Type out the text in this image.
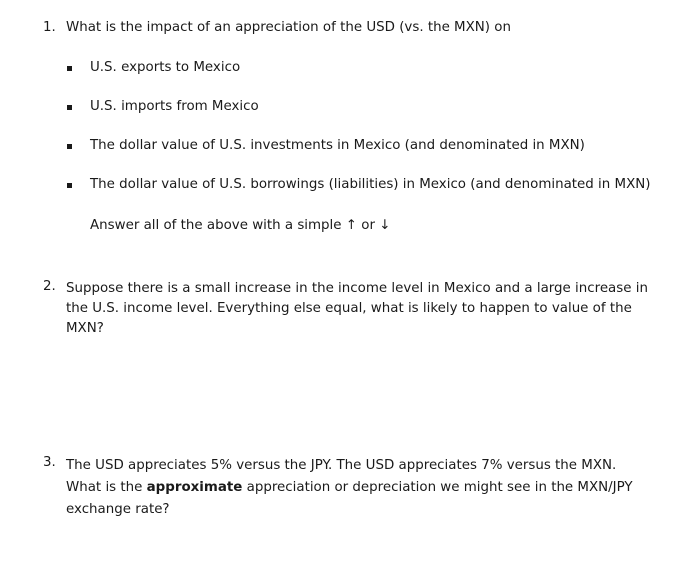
1. What is the impact of an appreciation of the USD (vs. the MXN) on
U.S. exports to Mexico
U.S. imports from Mexico
The dollar value of U.S. investments in Mexico (and denominated in MXN)
The dollar value of U.S. borrowings (liabilities) in Mexico (and denominated in MXN)
Answer all of the above with a simple ↑ or ↓
2. Suppose there is a small increase in the income level in Mexico and a large increase in the U.S. income level. Everything else equal, what is likely to happen to value of the MXN?
3. The USD appreciates 5% versus the JPY. The USD appreciates 7% versus the MXN. What is the approximate appreciation or depreciation we might see in the MXN/JPY exchange rate?
